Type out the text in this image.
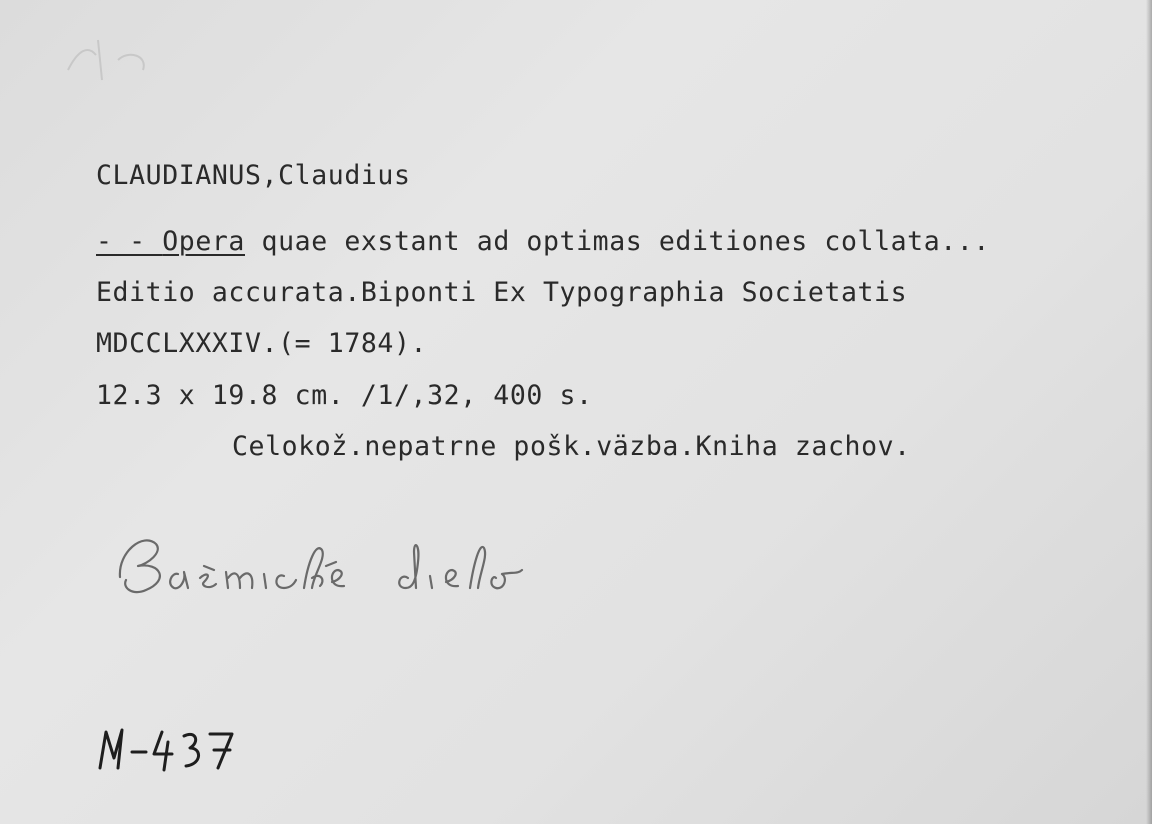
CLAUDIANUS,Claudius
- - Opera quae exstant ad optimas editiones collata...
Editio accurata.Biponti Ex Typographia Societatis
MDCCLXXXIV.(= 1784).
12.3 x 19.8 cm. /1/,32, 400 s.
Celokož.nepatrne pošk.väzba.Kniha zachov.
